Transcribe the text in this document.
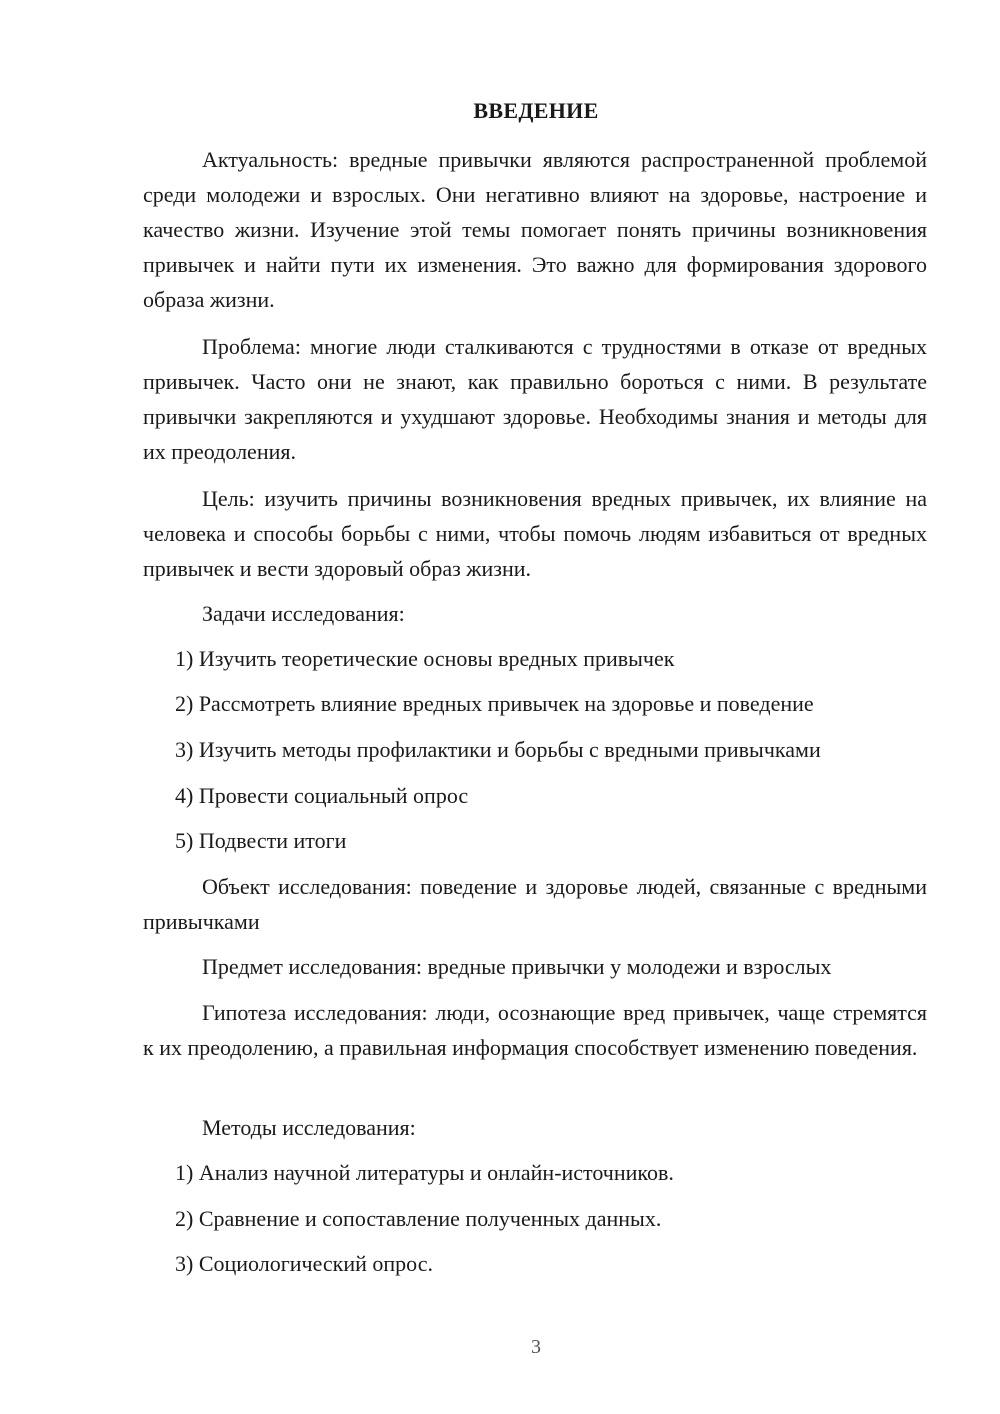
ВВЕДЕНИЕ
Актуальность: вредные привычки являются распространенной проблемой среди молодежи и взрослых. Они негативно влияют на здоровье, настроение и качество жизни. Изучение этой темы помогает понять причины возникновения привычек и найти пути их изменения. Это важно для формирования здорового образа жизни.
Проблема: многие люди сталкиваются с трудностями в отказе от вредных привычек. Часто они не знают, как правильно бороться с ними. В результате привычки закрепляются и ухудшают здоровье. Необходимы знания и методы для их преодоления.
Цель: изучить причины возникновения вредных привычек, их влияние на человека и способы борьбы с ними, чтобы помочь людям избавиться от вредных привычек и вести здоровый образ жизни.
Задачи исследования:
1) Изучить теоретические основы вредных привычек
2) Рассмотреть влияние вредных привычек на здоровье и поведение
3) Изучить методы профилактики и борьбы с вредными привычками
4) Провести социальный опрос
5) Подвести итоги
Объект исследования: поведение и здоровье людей, связанные с вредными привычками
Предмет исследования: вредные привычки у молодежи и взрослых
Гипотеза исследования: люди, осознающие вред привычек, чаще стремятся к их преодолению, а правильная информация способствует изменению поведения.
Методы исследования:
1) Анализ научной литературы и онлайн-источников.
2) Сравнение и сопоставление полученных данных.
3) Социологический опрос.
3
